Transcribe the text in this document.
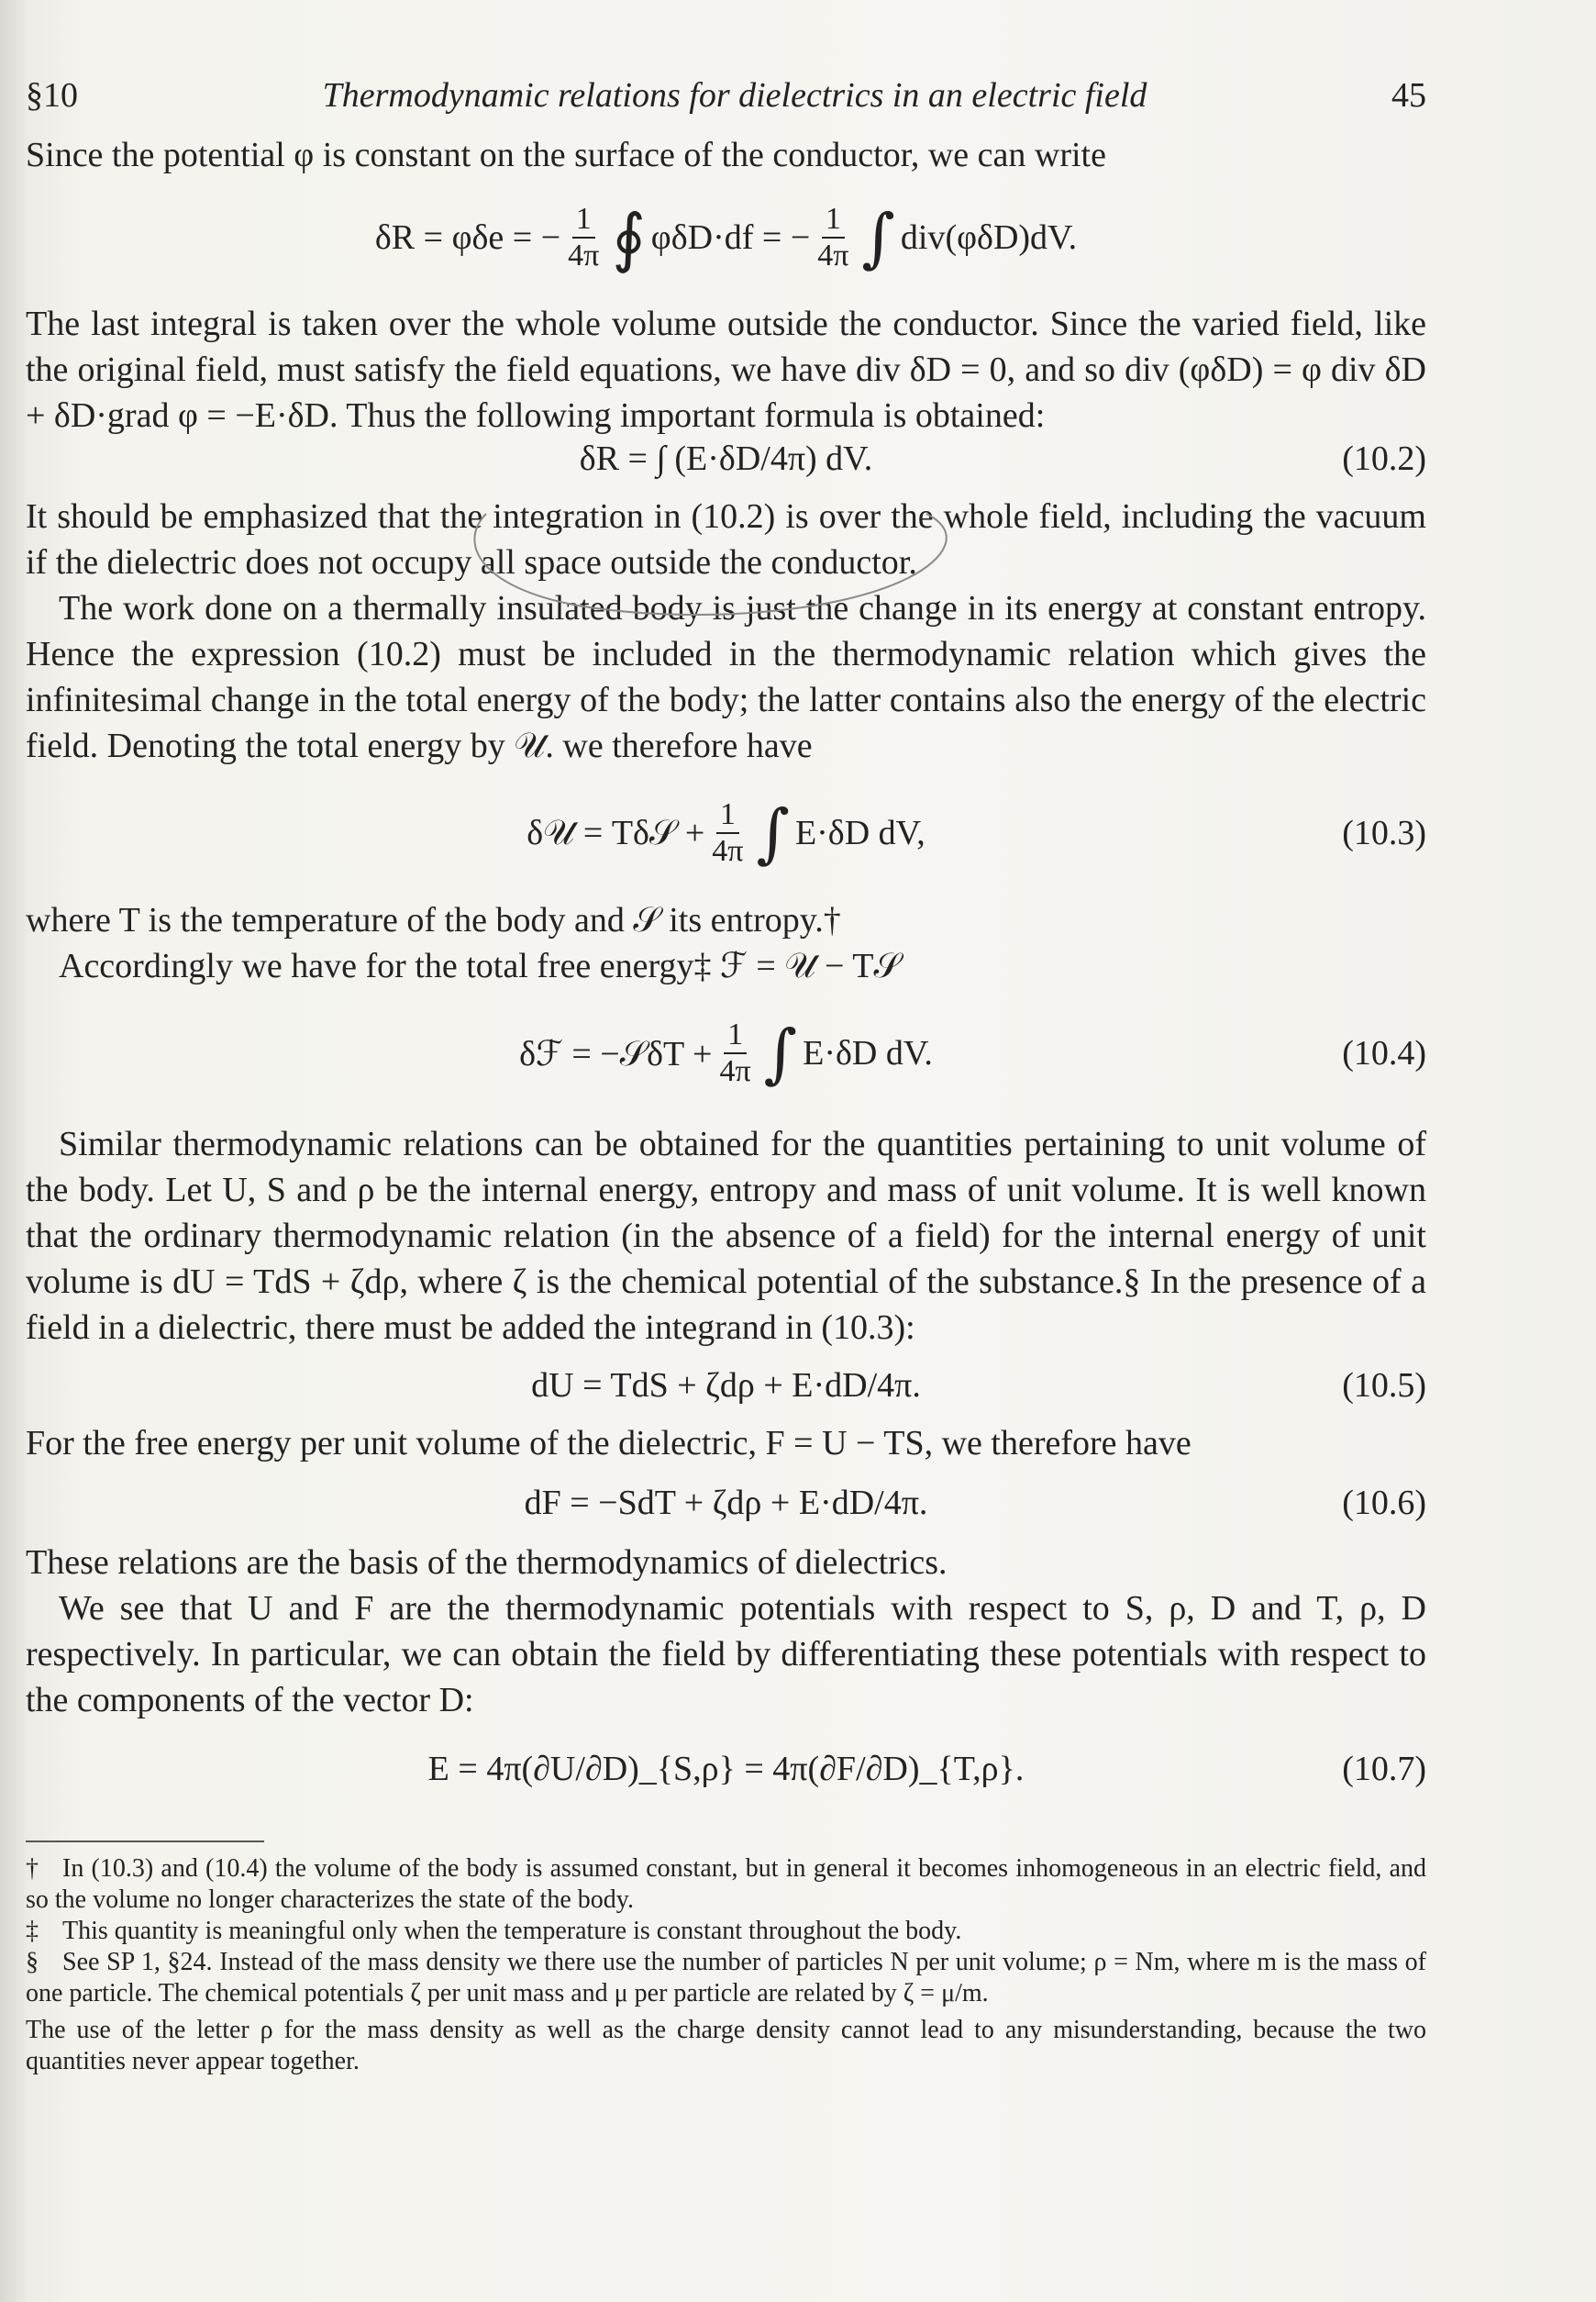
§10	Thermodynamic relations for dielectrics in an electric field	45

Since the potential φ is constant on the surface of the conductor, we can write

δR = φδe = − $\frac{1}{4\pi}$ ∮ φδD·df = − $\frac{1}{4\pi}$ ∫ div(φδD)dV.

The last integral is taken over the whole volume outside the conductor. Since the varied field, like the original field, must satisfy the field equations, we have div δD = 0, and so div (φδD) = φ div δD + δD·grad φ = −E·δD. Thus the following important formula is obtained:

δR = ∫ (E·δD/4π) dV.	(10.2)

It should be emphasized that the integration in (10.2) is over the whole field, including the vacuum if the dielectric does not occupy all space outside the conductor.

The work done on a thermally insulated body is just the change in its energy at constant entropy. Hence the expression (10.2) must be included in the thermodynamic relation which gives the infinitesimal change in the total energy of the body; the latter contains also the energy of the electric field. Denoting the total energy by 𝒰. we therefore have

δ𝒰 = Tδ𝒮 + $\frac{1}{4\pi}$ ∫ E·δD dV,	(10.3)

where T is the temperature of the body and 𝒮 its entropy.†

Accordingly we have for the total free energy‡ ℱ = 𝒰 − T𝒮

δℱ = −𝒮δT + $\frac{1}{4\pi}$ ∫ E·δD dV.	(10.4)

Similar thermodynamic relations can be obtained for the quantities pertaining to unit volume of the body. Let U, S and ρ be the internal energy, entropy and mass of unit volume. It is well known that the ordinary thermodynamic relation (in the absence of a field) for the internal energy of unit volume is dU = TdS + ζdρ, where ζ is the chemical potential of the substance.§ In the presence of a field in a dielectric, there must be added the integrand in (10.3):

dU = TdS + ζdρ + E·dD/4π.	(10.5)

For the free energy per unit volume of the dielectric, F = U − TS, we therefore have

dF = −SdT + ζdρ + E·dD/4π.	(10.6)

These relations are the basis of the thermodynamics of dielectrics.

We see that U and F are the thermodynamic potentials with respect to S, ρ, D and T, ρ, D respectively. In particular, we can obtain the field by differentiating these potentials with respect to the components of the vector D:

E = 4π(∂U/∂D)_{S,ρ} = 4π(∂F/∂D)_{T,ρ}.	(10.7)

† In (10.3) and (10.4) the volume of the body is assumed constant, but in general it becomes inhomogeneous in an electric field, and so the volume no longer characterizes the state of the body.

‡ This quantity is meaningful only when the temperature is constant throughout the body.

§ See SP 1, §24. Instead of the mass density we there use the number of particles N per unit volume; ρ = Nm, where m is the mass of one particle. The chemical potentials ζ per unit mass and μ per particle are related by ζ = μ/m.

The use of the letter ρ for the mass density as well as the charge density cannot lead to any misunderstanding, because the two quantities never appear together.
